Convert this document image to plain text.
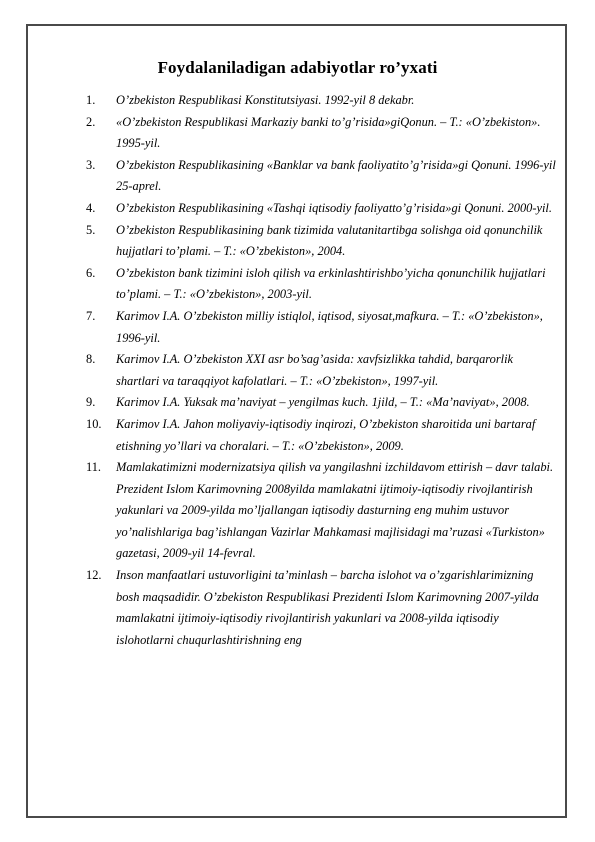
Foydalaniladigan adabiyotlar ro’yxati
1.	O’zbekiston Respublikasi Konstitutsiyasi. 1992-yil 8 dekabr.
2.	«O’zbekiston Respublikasi Markaziy banki to’g’risida»giQonun. – T.: «O’zbekiston». 1995-yil.
3.	O’zbekiston Respublikasining «Banklar va bank faoliyatito’g’risida»gi Qonuni. 1996-yil 25-aprel.
4.	O’zbekiston Respublikasining «Tashqi iqtisodiy faoliyatto’g’risida»gi Qonuni. 2000-yil.
5.	O’zbekiston Respublikasining bank tizimida valutanitartibga solishga oid qonunchilik hujjatlari to’plami. – T.: «O’zbekiston», 2004.
6.	O’zbekiston bank tizimini isloh qilish va erkinlashtirishbo’yicha qonunchilik hujjatlari to’plami. – T.: «O’zbekiston», 2003-yil.
7.	Karimov I.A. O’zbekiston milliy istiqlol, iqtisod, siyosat,mafkura. – T.: «O’zbekiston», 1996-yil.
8.	Karimov I.A. O’zbekiston XXI asr bo’sag’asida: xavfsizlikka tahdid, barqarorlik shartlari va taraqqiyot kafolatlari. – T.: «O’zbekiston», 1997-yil.
9.	Karimov I.A. Yuksak ma’naviyat – yengilmas kuch. 1jild, – T.: «Ma’naviyat», 2008.
10.	Karimov I.A. Jahon moliyaviy-iqtisodiy inqirozi, O’zbekiston sharoitida uni bartaraf etishning yo’llari va choralari. – T.: «O’zbekiston», 2009.
11.	Mamlakatimizni modernizatsiya qilish va yangilashni izchildavom ettirish – davr talabi. Prezident Islom Karimovning 2008yilda mamlakatni ijtimoiy-iqtisodiy rivojlantirish yakunlari va 2009-yilda mo’ljallangan iqtisodiy dasturning eng muhim ustuvor yo’nalishlariga bag’ishlangan Vazirlar Mahkamasi majlisidagi ma’ruzasi «Turkiston» gazetasi, 2009-yil 14-fevral.
12.	Inson manfaatlari ustuvorligini ta’minlash – barcha islohot va o’zgarishlarimizning bosh maqsadidir. O’zbekiston Respublikasi Prezidenti Islom Karimovning 2007-yilda mamlakatni ijtimoiy-iqtisodiy rivojlantirish yakunlari va 2008-yilda iqtisodiy islohotlarni chuqurlashtirishning eng
